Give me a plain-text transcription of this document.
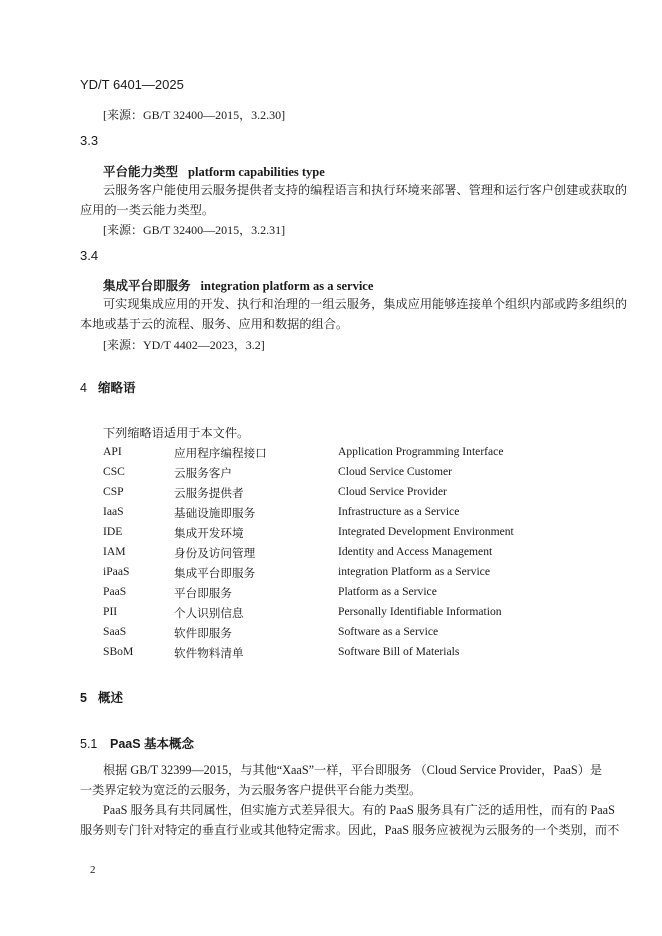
YD/T 6401—2025
[来源：GB/T 32400—2015，3.2.30]
3.3
平台能力类型 platform capabilities type
云服务客户能使用云服务提供者支持的编程语言和执行环境来部署、管理和运行客户创建或获取的
应用的一类云能力类型。
[来源：GB/T 32400—2015，3.2.31]
3.4
集成平台即服务 integration platform as a service
可实现集成应用的开发、执行和治理的一组云服务，集成应用能够连接单个组织内部或跨多组织的
本地或基于云的流程、服务、应用和数据的组合。
[来源：YD/T 4402—2023，3.2]
4 缩略语
下列缩略语适用于本文件。
API	应用程序编程接口	Application Programming Interface
CSC	云服务客户	Cloud Service Customer
CSP	云服务提供者	Cloud Service Provider
IaaS	基础设施即服务	Infrastructure as a Service
IDE	集成开发环境	Integrated Development Environment
IAM	身份及访问管理	Identity and Access Management
iPaaS	集成平台即服务	integration Platform as a Service
PaaS	平台即服务	Platform as a Service
PII	个人识别信息	Personally Identifiable Information
SaaS	软件即服务	Software as a Service
SBoM	软件物料清单	Software Bill of Materials
5 概述
5.1 PaaS 基本概念
根据 GB/T 32399—2015，与其他“XaaS”一样，平台即服务 （Cloud Service Provider，PaaS）是
一类界定较为宽泛的云服务，为云服务客户提供平台能力类型。
PaaS 服务具有共同属性，但实施方式差异很大。有的 PaaS 服务具有广泛的适用性，而有的 PaaS
服务则专门针对特定的垂直行业或其他特定需求。因此，PaaS 服务应被视为云服务的一个类别，而不
2
